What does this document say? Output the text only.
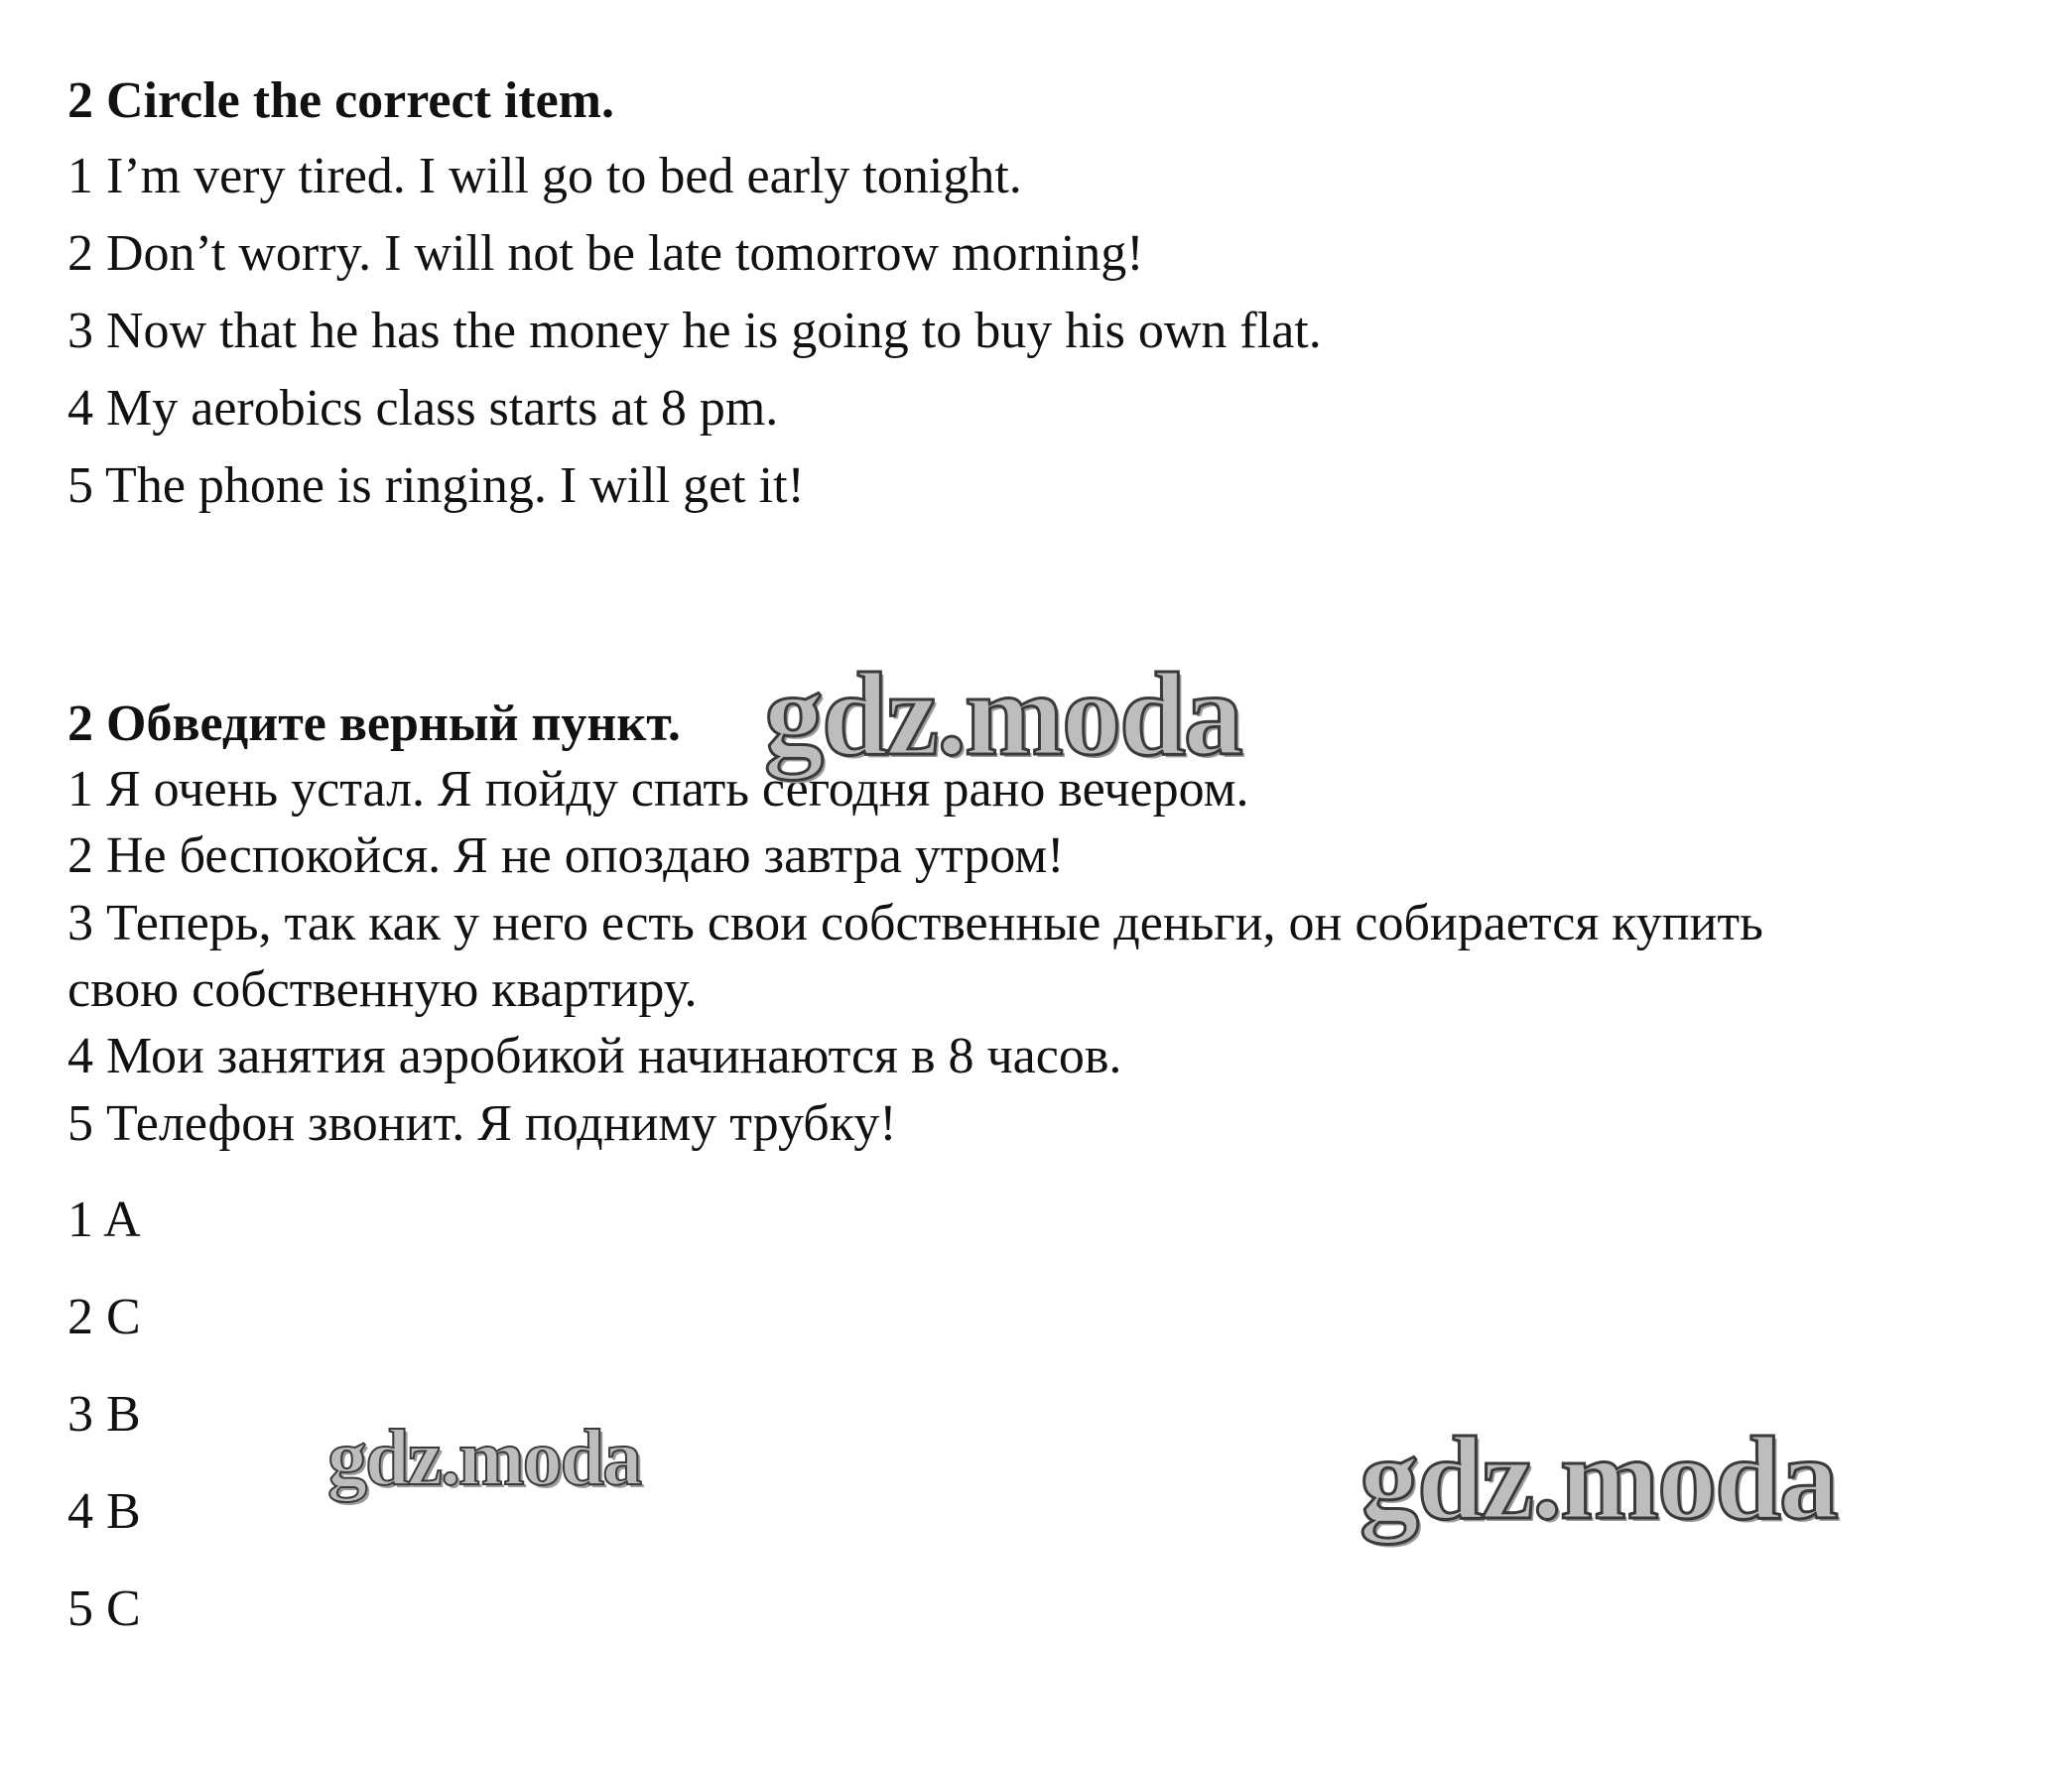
2 Circle the correct item.
1 I’m very tired. I will go to bed early tonight.
2 Don’t worry. I will not be late tomorrow morning!
3 Now that he has the money he is going to buy his own flat.
4 My aerobics class starts at 8 pm.
5 The phone is ringing. I will get it!
2 Обведите верный пункт.
1 Я очень устал. Я пойду спать сегодня рано вечером.
2 Не беспокойся. Я не опоздаю завтра утром!
3 Теперь, так как у него есть свои собственные деньги, он собирается купить
свою собственную квартиру.
4 Мои занятия аэробикой начинаются в 8 часов.
5 Телефон звонит. Я подниму трубку!
1 A
2 C
3 B
4 B
5 C
gdz.moda
gdz.moda	gdz.moda
